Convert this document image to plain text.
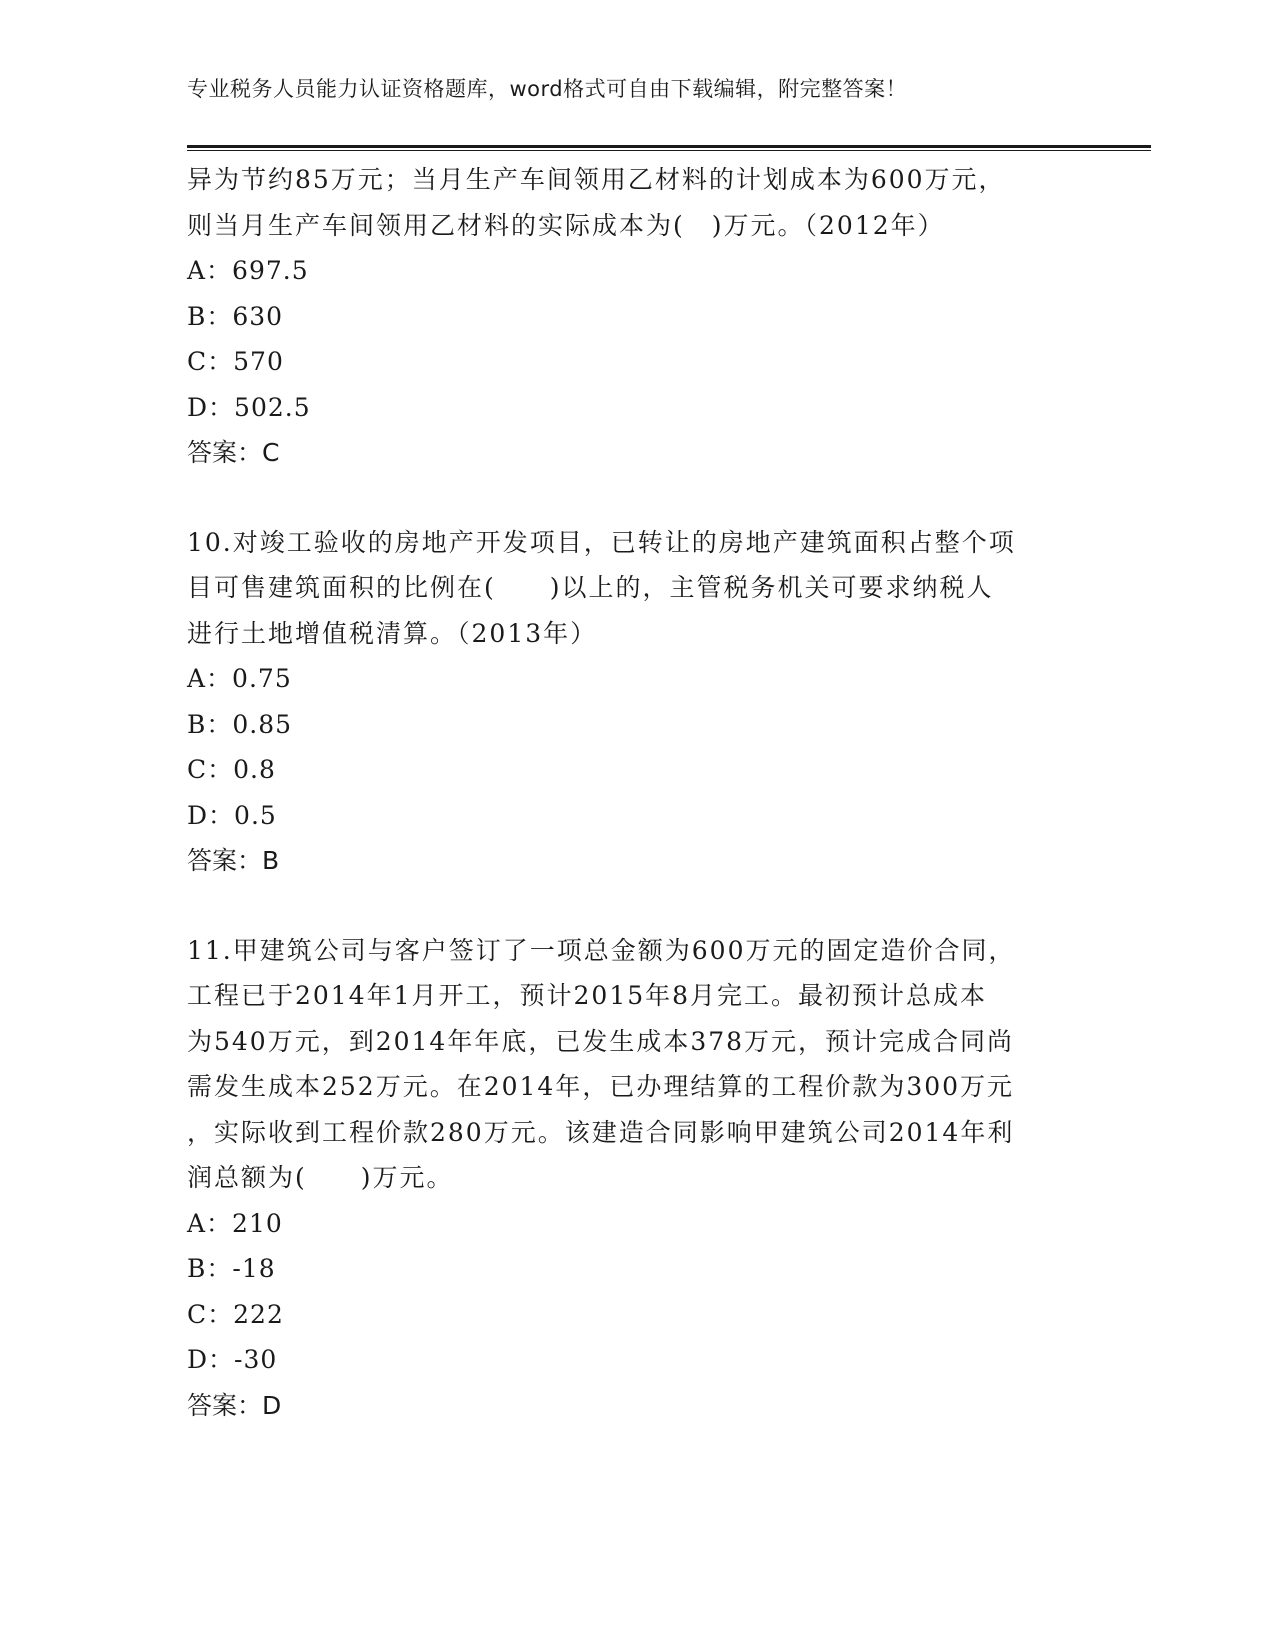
专业税务人员能力认证资格题库，word格式可自由下载编辑，附完整答案！
异为节约85万元；当月生产车间领用乙材料的计划成本为600万元，
则当月生产车间领用乙材料的实际成本为(　)万元。（2012年）
A：697.5
B：630
C：570
D：502.5
答案：C
10.对竣工验收的房地产开发项目，已转让的房地产建筑面积占整个项
目可售建筑面积的比例在(　　)以上的，主管税务机关可要求纳税人
进行土地增值税清算。（2013年）
A：0.75
B：0.85
C：0.8
D：0.5
答案：B
11.甲建筑公司与客户签订了一项总金额为600万元的固定造价合同，
工程已于2014年1月开工，预计2015年8月完工。最初预计总成本
为540万元，到2014年年底，已发生成本378万元，预计完成合同尚
需发生成本252万元。在2014年，已办理结算的工程价款为300万元
，实际收到工程价款280万元。该建造合同影响甲建筑公司2014年利
润总额为(　　)万元。
A：210
B：-18
C：222
D：-30
答案：D
